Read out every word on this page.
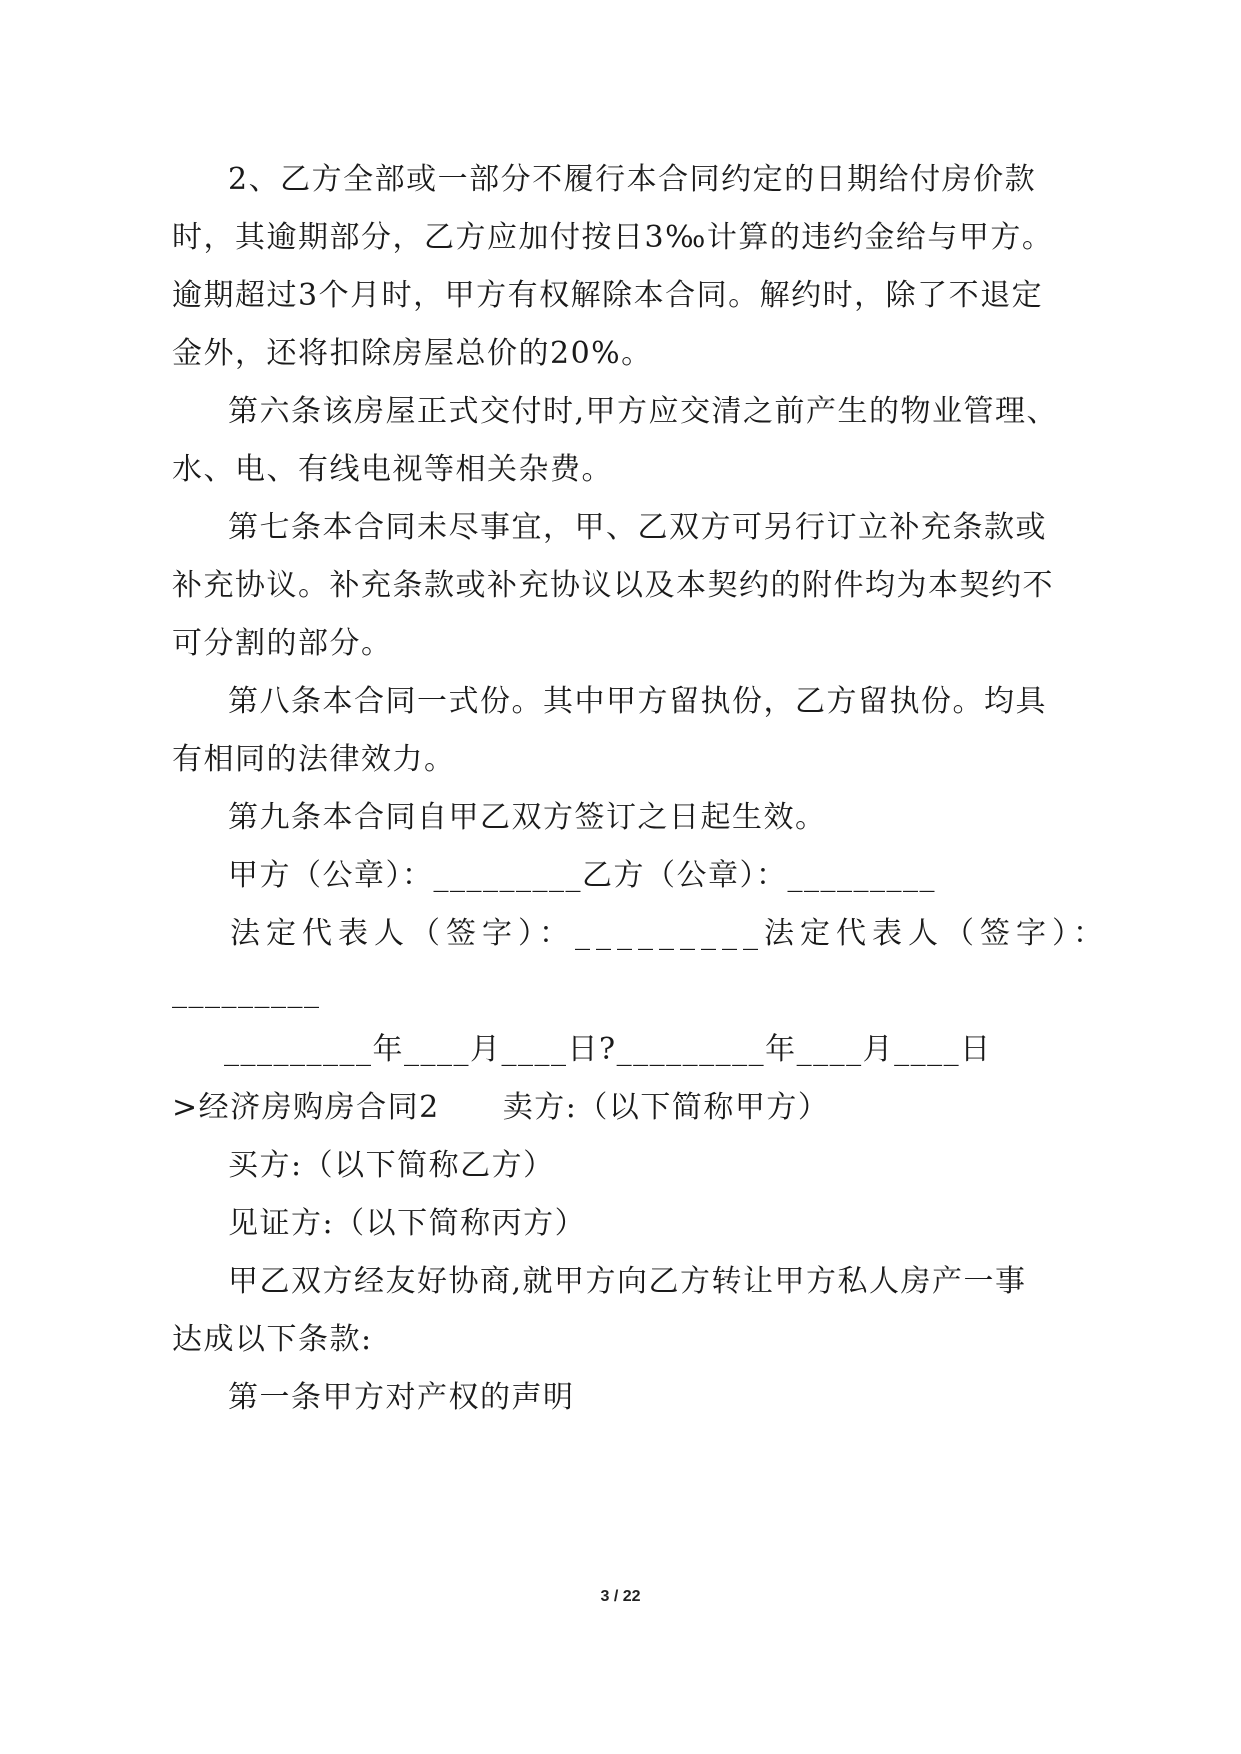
2、乙方全部或一部分不履行本合同约定的日期给付房价款
时，其逾期部分，乙方应加付按日3‰计算的违约金给与甲方。
逾期超过3个月时，甲方有权解除本合同。解约时，除了不退定
金外，还将扣除房屋总价的20%。
第六条该房屋正式交付时,甲方应交清之前产生的物业管理、
水、电、有线电视等相关杂费。
第七条本合同未尽事宜，甲、乙双方可另行订立补充条款或
补充协议。补充条款或补充协议以及本契约的附件均为本契约不
可分割的部分。
第八条本合同一式份。其中甲方留执份，乙方留执份。均具
有相同的法律效力。
第九条本合同自甲乙双方签订之日起生效。
甲方（公章）：_________乙方（公章）：_________
法定代表人（签字）：_________法定代表人（签字）：
_________
_________年____月____日?_________年____月____日
>经济房购房合同2　　卖方:（以下简称甲方）
买方:（以下简称乙方）
见证方:（以下简称丙方）
甲乙双方经友好协商,就甲方向乙方转让甲方私人房产一事
达成以下条款:
第一条甲方对产权的声明
3 / 22
